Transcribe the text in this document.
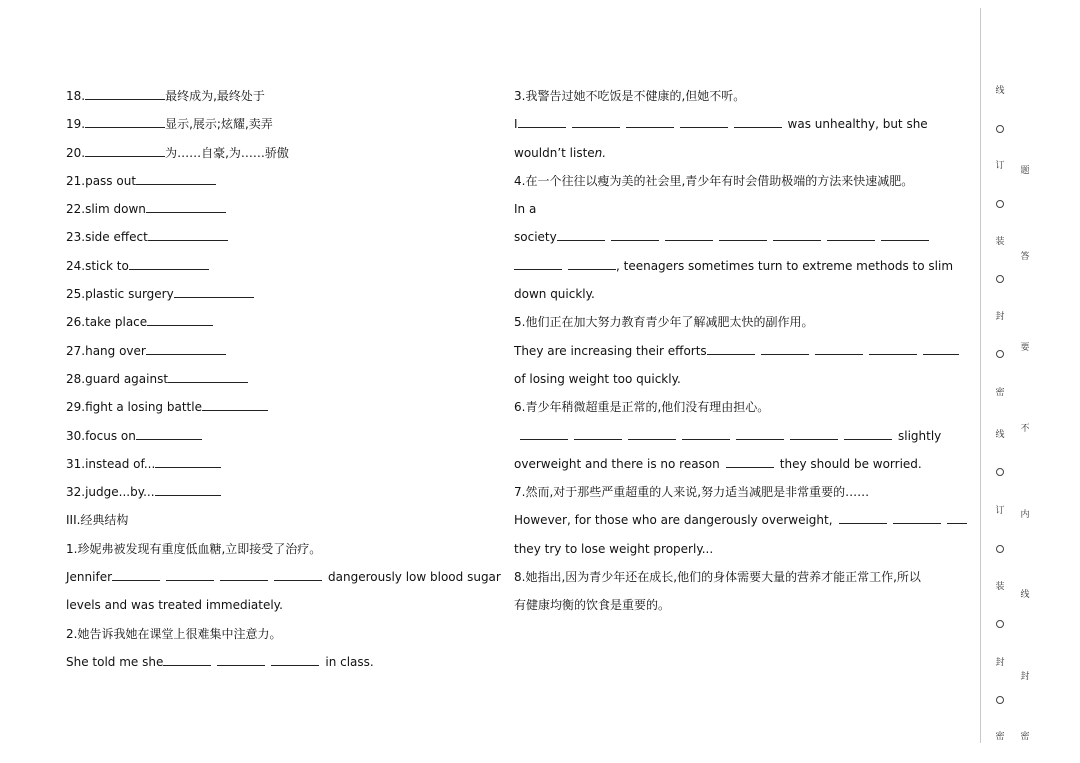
18.	最终成为,最终处于
19.	显示,展示;炫耀,卖弄
20.	为……自豪,为……骄傲
21.pass out
22.slim down
23.side effect
24.stick to
25.plastic surgery
26.take place
27.hang over
28.guard against
29.fight a losing battle
30.focus on
31.instead of...
32.judge...by...
III.经典结构
1.珍妮弗被发现有重度低血糖,立即接受了治疗。
Jennifer	dangerously low blood sugar
levels and was treated immediately.
2.她告诉我她在课堂上很难集中注意力。
She told me she	in class.
3.我警告过她不吃饭是不健康的,但她不听。
I	was unhealthy, but she
wouldn’t listen.
4.在一个往往以瘦为美的社会里,青少年有时会借助极端的方法来快速减肥。
In a
society
, teenagers sometimes turn to extreme methods to slim
down quickly.
5.他们正在加大努力教育青少年了解减肥太快的副作用。
They are increasing their efforts
of losing weight too quickly.
6.青少年稍微超重是正常的,他们没有理由担心。
slightly
overweight and there is no reason	they should be worried.
7.然而,对于那些严重超重的人来说,努力适当减肥是非常重要的……
However, for those who are dangerously overweight,
they try to lose weight properly...
8.她指出,因为青少年还在成长,他们的身体需要大量的营养才能正常工作,所以
有健康均衡的饮食是重要的。
线
订
装
封
密
线
订
装
封
密
题
答
要
不
内
线
封
密
